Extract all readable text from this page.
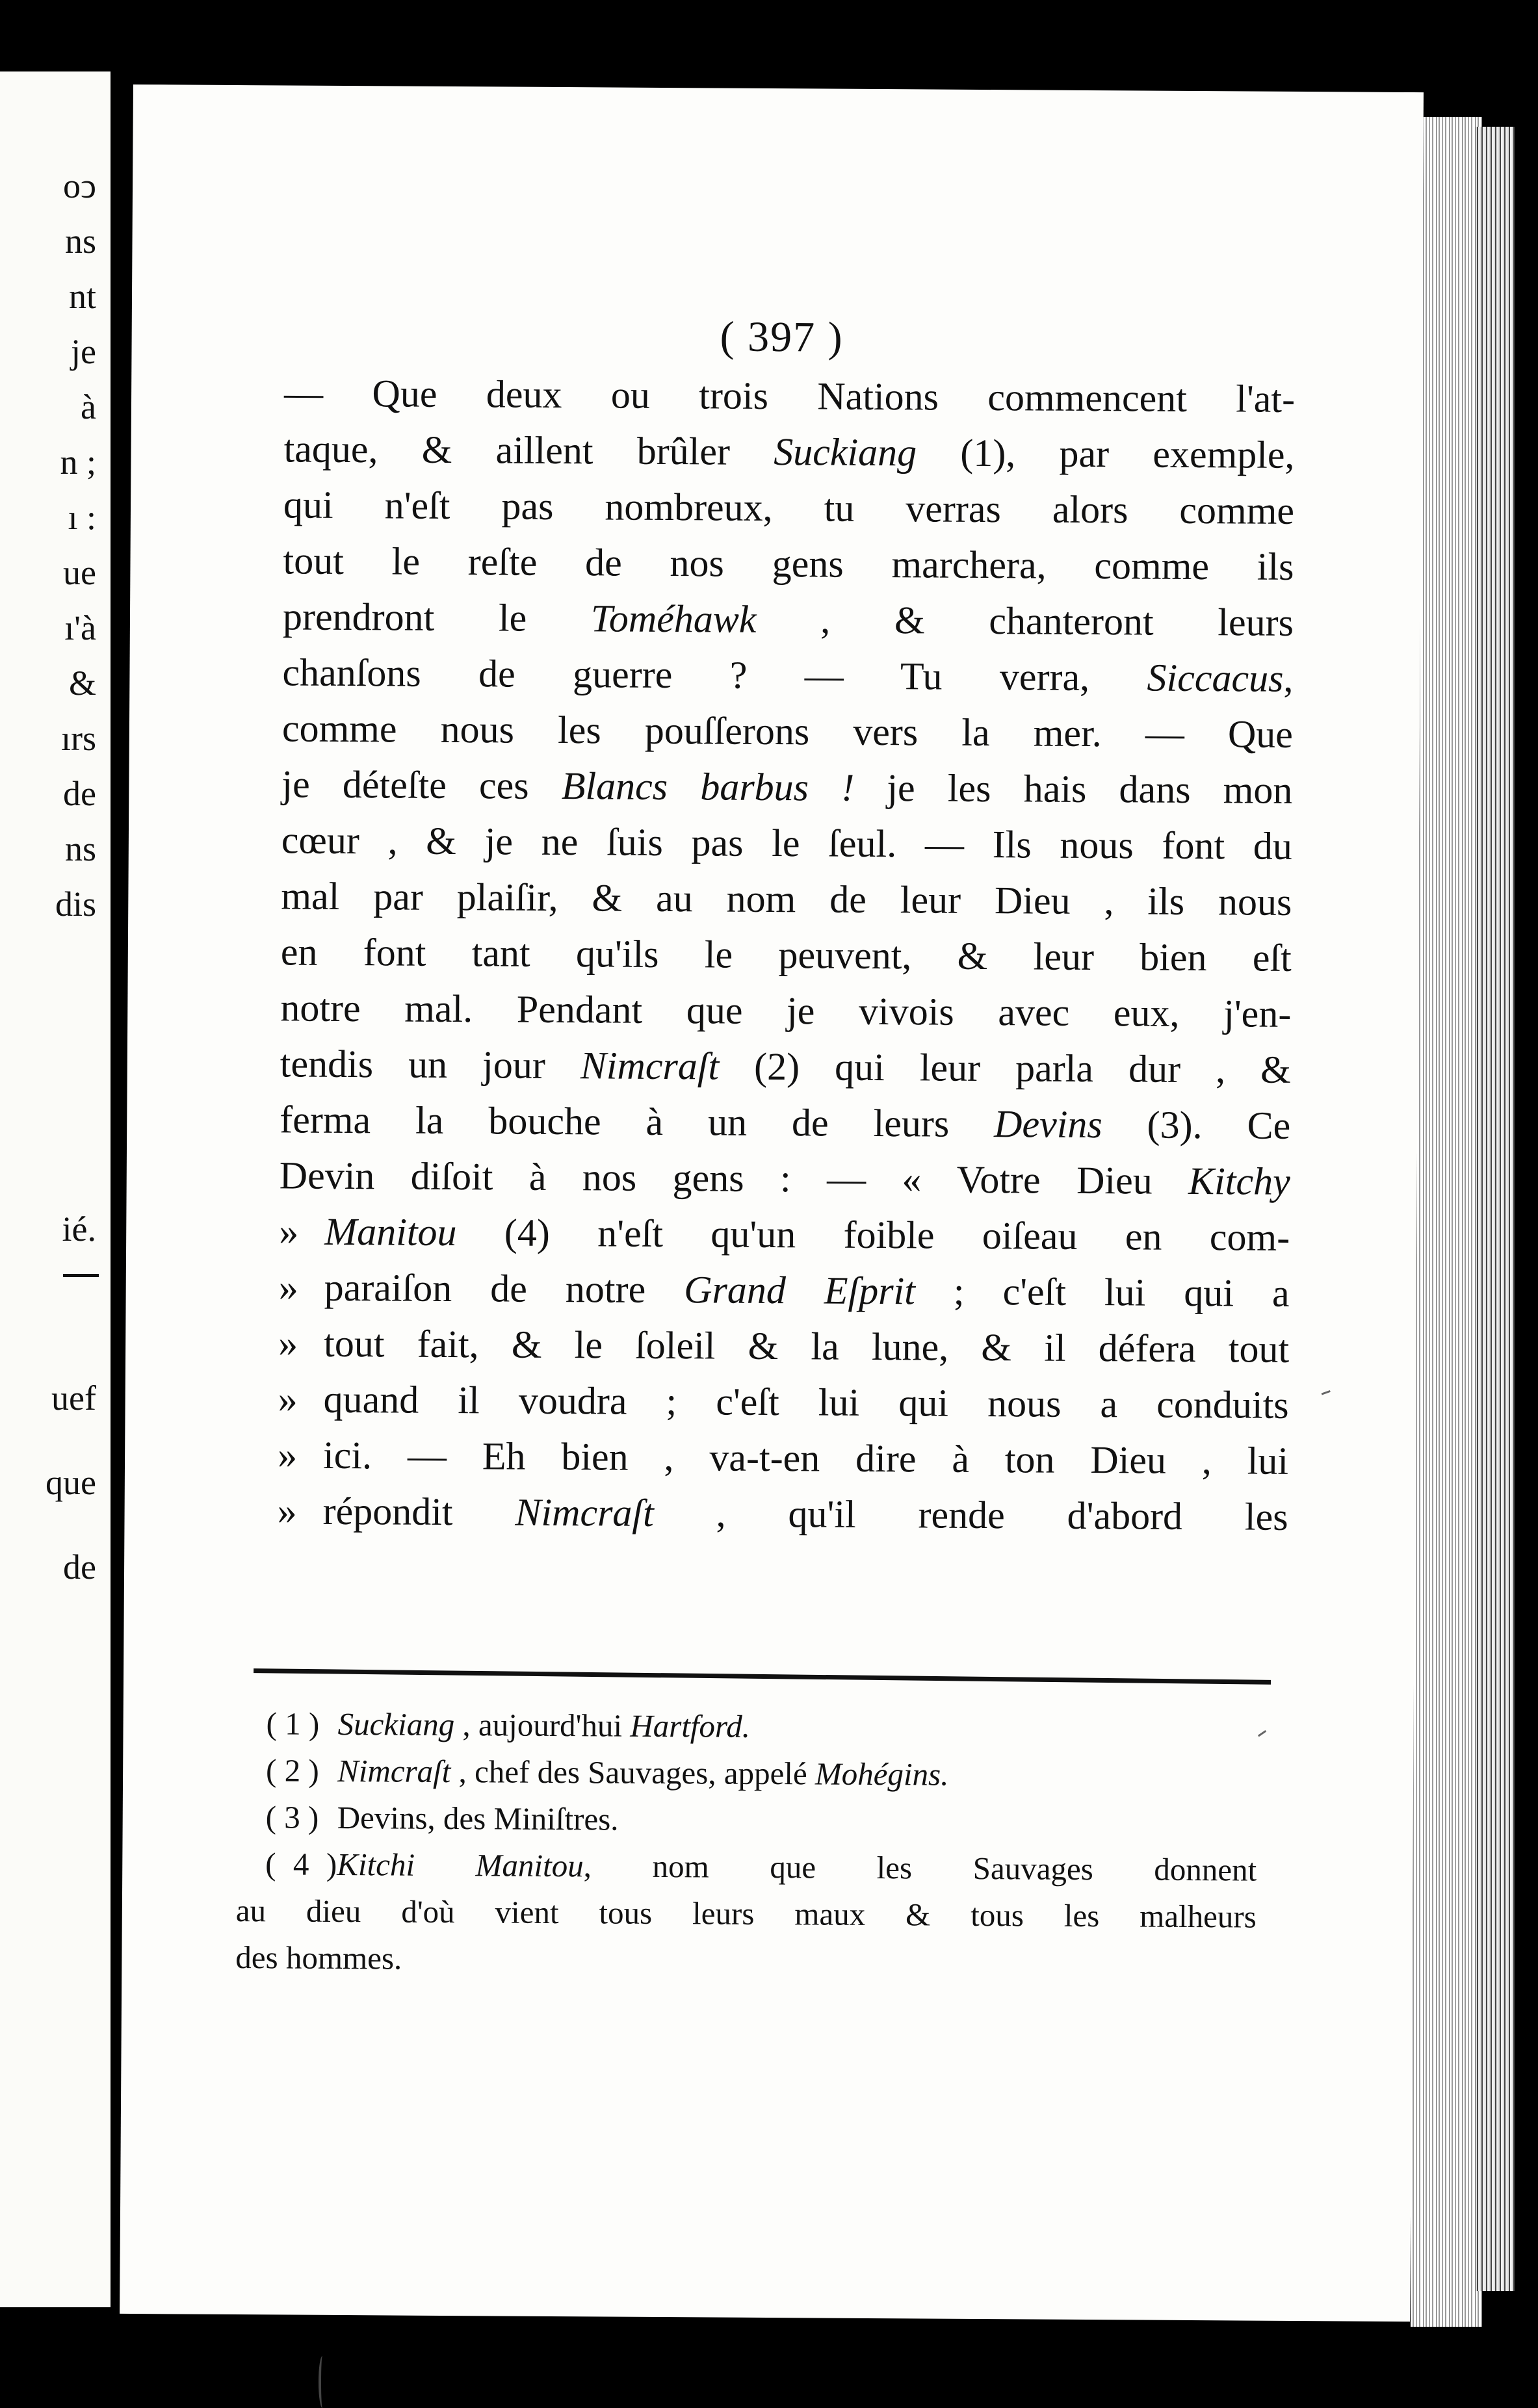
oↄ
ns
nt
je
à
n ;
ı :
ue
ı'à
&
ırs
de
ns
dis
ié.
uef
que
de
( 397 )
— Que deux ou trois Nations commencent l'at-
taque, & aillent brûler Suckiang (1), par exemple,
qui n'eſt pas nombreux, tu verras alors comme
tout le reſte de nos gens marchera, comme ils
prendront le Toméhawk , & chanteront leurs
chanſons de guerre ? — Tu verra, Siccacus,
comme nous les pouſſerons vers la mer. — Que
je déteſte ces Blancs barbus ! je les hais dans mon
cœur , & je ne ſuis pas le ſeul. — Ils nous font du
mal par plaiſir, & au nom de leur Dieu , ils nous
en font tant qu'ils le peuvent, & leur bien eſt
notre mal. Pendant que je vivois avec eux, j'en-
tendis un jour Nimcraſt (2) qui leur parla dur , &
ferma la bouche à un de leurs Devins (3). Ce
Devin diſoit à nos gens : — « Votre Dieu Kitchy
» Manitou (4) n'eſt qu'un foible oiſeau en com-
» paraiſon de notre Grand Eſprit ; c'eſt lui qui a
» tout fait, & le ſoleil & la lune, & il défera tout
» quand il voudra ; c'eſt lui qui nous a conduits
» ici. — Eh bien , va-t-en dire à ton Dieu , lui
» répondit Nimcraſt , qu'il rende d'abord les
( 1 ) Suckiang , aujourd'hui Hartford.
( 2 ) Nimcraſt , chef des Sauvages, appelé Mohégins.
( 3 ) Devins, des Miniſtres.
( 4 )Kitchi Manitou, nom que les Sauvages donnent
au dieu d'où vient tous leurs maux & tous les malheurs
des hommes.
